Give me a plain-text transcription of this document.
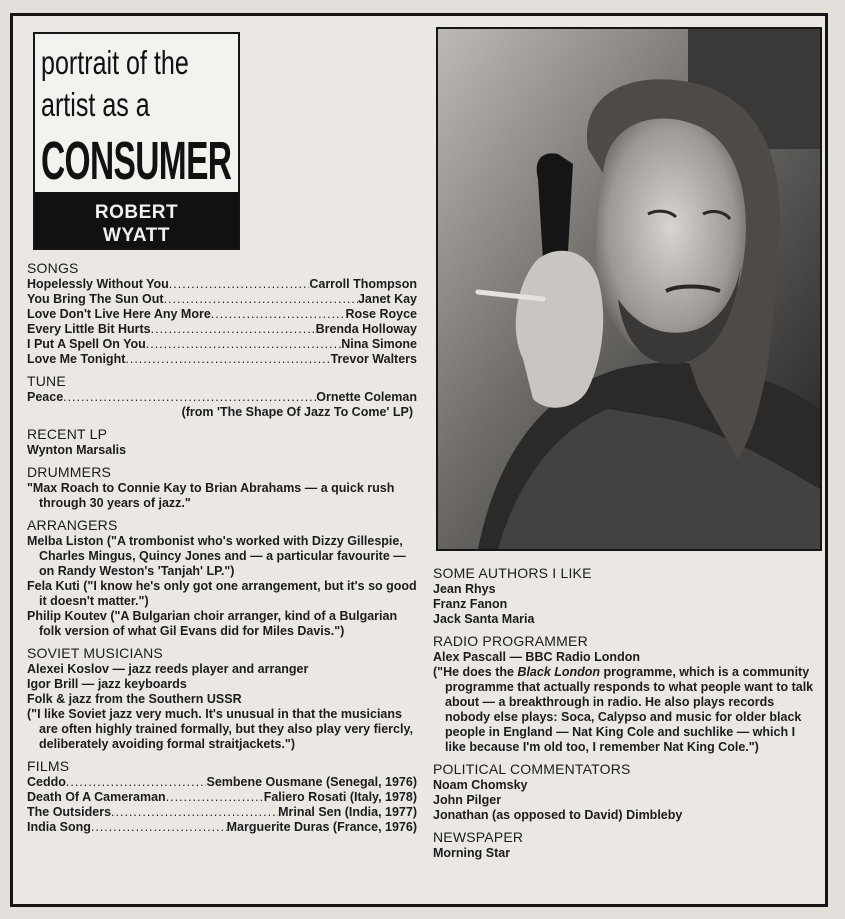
portrait of the
artist as a
CONSUMER
ROBERT
WYATT
SONGS
Hopelessly Without You .....	Carroll Thompson
You Bring The Sun Out .....	Janet Kay
Love Don't Live Here Any More .....	Rose Royce
Every Little Bit Hurts .....	Brenda Holloway
I Put A Spell On You .....	Nina Simone
Love Me Tonight .....	Trevor Walters
TUNE
Peace .....	Ornette Coleman
(from 'The Shape Of Jazz To Come' LP)
RECENT LP
Wynton Marsalis
DRUMMERS
"Max Roach to Connie Kay to Brian Abrahams — a quick rush through 30 years of jazz."
ARRANGERS
Melba Liston ("A trombonist who's worked with Dizzy Gillespie, Charles Mingus, Quincy Jones and — a particular favourite — on Randy Weston's 'Tanjah' LP.")
Fela Kuti ("I know he's only got one arrangement, but it's so good it doesn't matter.")
Philip Koutev ("A Bulgarian choir arranger, kind of a Bulgarian folk version of what Gil Evans did for Miles Davis.")
SOVIET MUSICIANS
Alexei Koslov — jazz reeds player and arranger
Igor Brill — jazz keyboards
Folk & jazz from the Southern USSR
("I like Soviet jazz very much. It's unusual in that the musicians are often highly trained formally, but they also play very fiercly, deliberately avoiding formal straitjackets.")
FILMS
Ceddo .....	Sembene Ousmane (Senegal, 1976)
Death Of A Cameraman .....	Faliero Rosati (Italy, 1978)
The Outsiders .....	Mrinal Sen (India, 1977)
India Song .....	Marguerite Duras (France, 1976)
SOME AUTHORS I LIKE
Jean Rhys
Franz Fanon
Jack Santa Maria
RADIO PROGRAMMER
Alex Pascall — BBC Radio London
("He does the Black London programme, which is a community programme that actually responds to what people want to talk about — a breakthrough in radio. He also plays records nobody else plays: Soca, Calypso and music for older black people in England — Nat King Cole and suchlike — which I like because I'm old too, I remember Nat King Cole.")
POLITICAL COMMENTATORS
Noam Chomsky
John Pilger
Jonathan (as opposed to David) Dimbleby
NEWSPAPER
Morning Star
